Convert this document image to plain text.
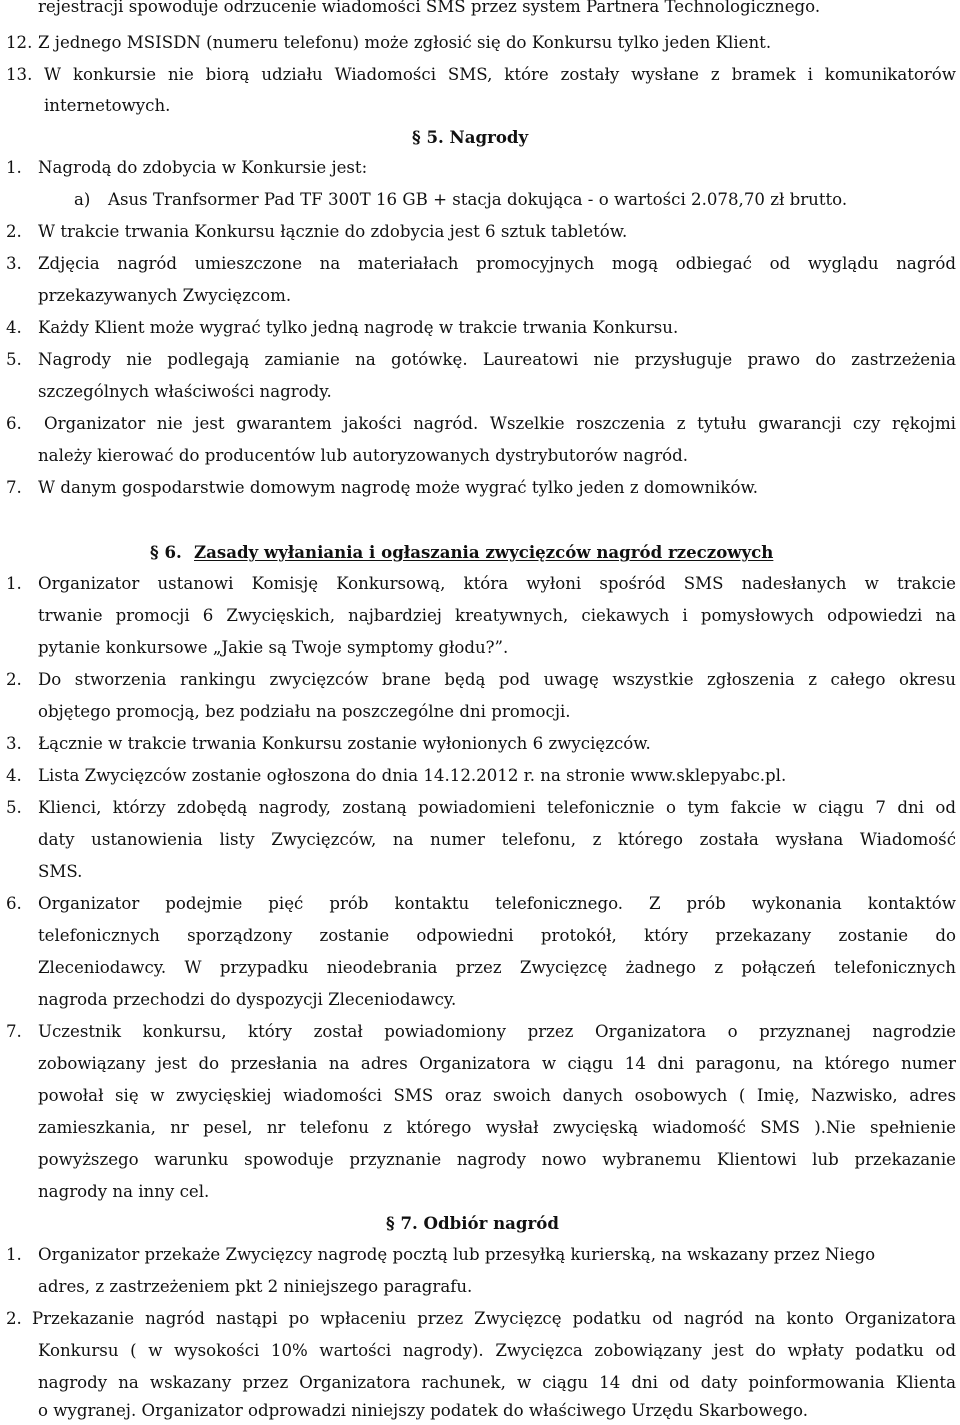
rejestracji spowoduje odrzucenie wiadomości SMS przez system Partnera Technologicznego.
12. Z jednego MSISDN (numeru telefonu) może zgłosić się do Konkursu tylko jeden Klient.
13. W konkursie nie biorą udziału Wiadomości SMS, które zostały wysłane z bramek i komunikatorów
internetowych.
§ 5. Nagrody
1. Nagrodą do zdobycia w Konkursie jest:
a) Asus Tranfsormer Pad TF 300T 16 GB + stacja dokująca - o wartości 2.078,70 zł brutto.
2. W trakcie trwania Konkursu łącznie do zdobycia jest 6 sztuk tabletów.
3. Zdjęcia nagród umieszczone na materiałach promocyjnych mogą odbiegać od wyglądu nagród
przekazywanych Zwycięzcom.
4. Każdy Klient może wygrać tylko jedną nagrodę w trakcie trwania Konkursu.
5. Nagrody nie podlegają zamianie na gotówkę. Laureatowi nie przysługuje prawo do zastrzeżenia
szczególnych właściwości nagrody.
6. Organizator nie jest gwarantem jakości nagród. Wszelkie roszczenia z tytułu gwarancji czy rękojmi
należy kierować do producentów lub autoryzowanych dystrybutorów nagród.
7. W danym gospodarstwie domowym nagrodę może wygrać tylko jeden z domowników.
§ 6. Zasady wyłaniania i ogłaszania zwycięzców nagród rzeczowych
1. Organizator ustanowi Komisję Konkursową, która wyłoni spośród SMS nadesłanych w trakcie
trwanie promocji 6 Zwycięskich, najbardziej kreatywnych, ciekawych i pomysłowych odpowiedzi na
pytanie konkursowe „Jakie są Twoje symptomy głodu?”.
2. Do stworzenia rankingu zwycięzców brane będą pod uwagę wszystkie zgłoszenia z całego okresu
objętego promocją, bez podziału na poszczególne dni promocji.
3. Łącznie w trakcie trwania Konkursu zostanie wyłonionych 6 zwycięzców.
4. Lista Zwycięzców zostanie ogłoszona do dnia 14.12.2012 r. na stronie www.sklepyabc.pl.
5. Klienci, którzy zdobędą nagrody, zostaną powiadomieni telefonicznie o tym fakcie w ciągu 7 dni od
daty ustanowienia listy Zwycięzców, na numer telefonu, z którego została wysłana Wiadomość
SMS.
6. Organizator podejmie pięć prób kontaktu telefonicznego. Z prób wykonania kontaktów
telefonicznych sporządzony zostanie odpowiedni protokół, który przekazany zostanie do
Zleceniodawcy. W przypadku nieodebrania przez Zwycięzcę żadnego z połączeń telefonicznych
nagroda przechodzi do dyspozycji Zleceniodawcy.
7. Uczestnik konkursu, który został powiadomiony przez Organizatora o przyznanej nagrodzie
zobowiązany jest do przesłania na adres Organizatora w ciągu 14 dni paragonu, na którego numer
powołał się w zwycięskiej wiadomości SMS oraz swoich danych osobowych ( Imię, Nazwisko, adres
zamieszkania, nr pesel, nr telefonu z którego wysłał zwycięską wiadomość SMS ).Nie spełnienie
powyższego warunku spowoduje przyznanie nagrody nowo wybranemu Klientowi lub przekazanie
nagrody na inny cel.
§ 7. Odbiór nagród
1. Organizator przekaże Zwycięzcy nagrodę pocztą lub przesyłką kurierską, na wskazany przez Niego
adres, z zastrzeżeniem pkt 2 niniejszego paragrafu.
2. Przekazanie nagród nastąpi po wpłaceniu przez Zwycięzcę podatku od nagród na konto Organizatora
Konkursu ( w wysokości 10% wartości nagrody). Zwycięzca zobowiązany jest do wpłaty podatku od
nagrody na wskazany przez Organizatora rachunek, w ciągu 14 dni od daty poinformowania Klienta
o wygranej. Organizator odprowadzi niniejszy podatek do właściwego Urzędu Skarbowego.
